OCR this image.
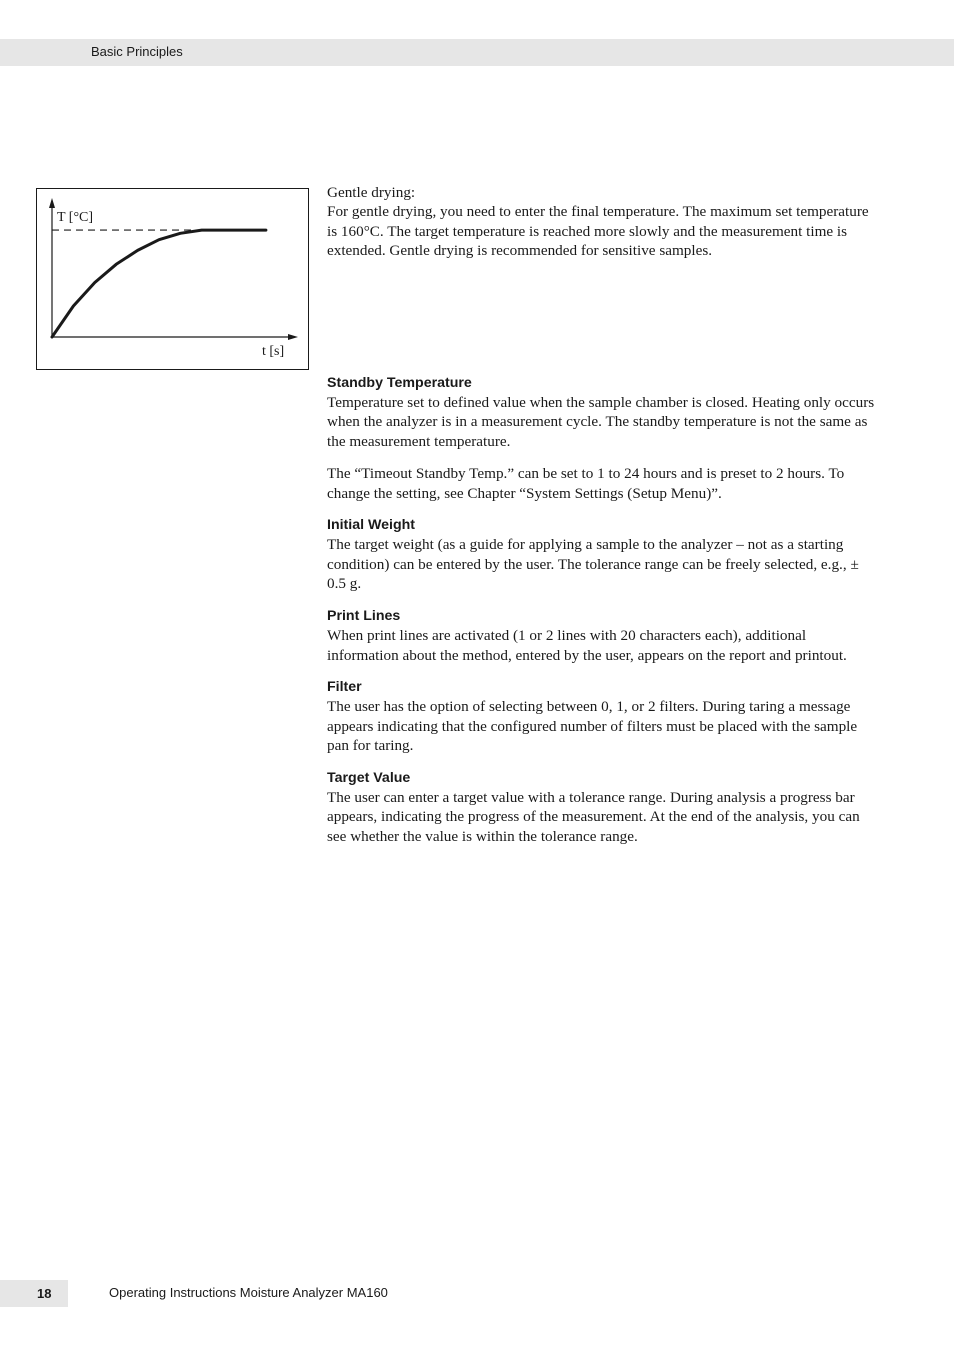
Basic Principles
T [°C]
t [s]

Gentle drying:

For gentle drying, you need to enter the final temperature. The maximum set temperature is 160°C. The target temperature is reached more slowly and the measurement time is extended. Gentle drying is recommended for sensitive samples.

Standby Temperature

Temperature set to defined value when the sample chamber is closed. Heating only occurs when the analyzer is in a measurement cycle. The standby temperature is not the same as the measurement temperature.

The “Timeout Standby Temp.” can be set to 1 to 24 hours and is preset to 2 hours. To change the setting, see Chapter “System Settings (Setup Menu)”.

Initial Weight

The target weight (as a guide for applying a sample to the analyzer – not as a starting condition) can be entered by the user. The tolerance range can be freely selected, e.g., ± 0.5 g.

Print Lines

When print lines are activated (1 or 2 lines with 20 characters each), additional information about the method, entered by the user, appears on the report and printout.

Filter

The user has the option of selecting between 0, 1, or 2 filters. During taring a message appears indicating that the configured number of filters must be placed with the sample pan for taring.

Target Value

The user can enter a target value with a tolerance range. During analysis a progress bar appears, indicating the progress of the measurement. At the end of the analysis, you can see whether the value is within the tolerance range.

18	Operating Instructions Moisture Analyzer MA160
